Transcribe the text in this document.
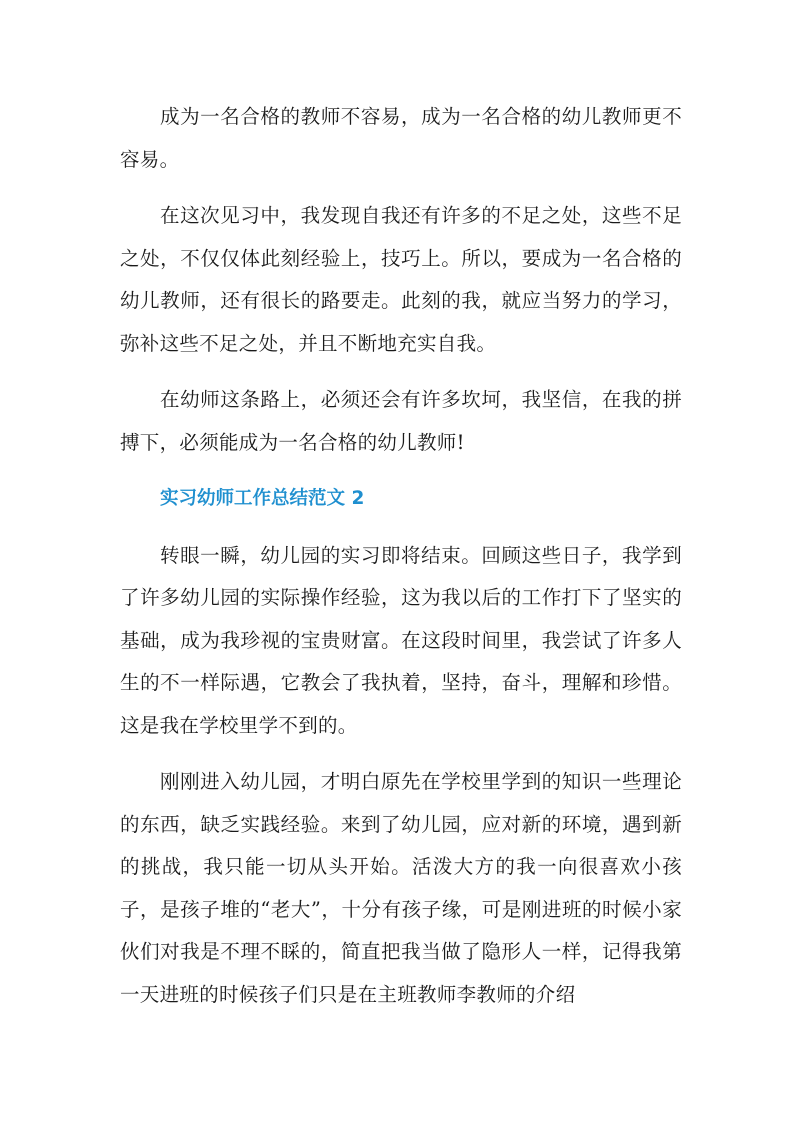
成为一名合格的教师不容易，成为一名合格的幼儿教师更不容易。

在这次见习中，我发现自我还有许多的不足之处，这些不足之处，不仅仅体此刻经验上，技巧上。所以，要成为一名合格的幼儿教师，还有很长的路要走。此刻的我，就应当努力的学习，弥补这些不足之处，并且不断地充实自我。

在幼师这条路上，必须还会有许多坎坷，我坚信，在我的拼搏下，必须能成为一名合格的幼儿教师!

实习幼师工作总结范文 2

转眼一瞬，幼儿园的实习即将结束。回顾这些日子，我学到了许多幼儿园的实际操作经验，这为我以后的工作打下了坚实的基础，成为我珍视的宝贵财富。在这段时间里，我尝试了许多人生的不一样际遇，它教会了我执着，坚持，奋斗，理解和珍惜。这是我在学校里学不到的。

刚刚进入幼儿园，才明白原先在学校里学到的知识一些理论的东西，缺乏实践经验。来到了幼儿园，应对新的环境，遇到新的挑战，我只能一切从头开始。活泼大方的我一向很喜欢小孩子，是孩子堆的“老大”，十分有孩子缘，可是刚进班的时候小家伙们对我是不理不睬的，简直把我当做了隐形人一样，记得我第一天进班的时候孩子们只是在主班教师李教师的介绍
